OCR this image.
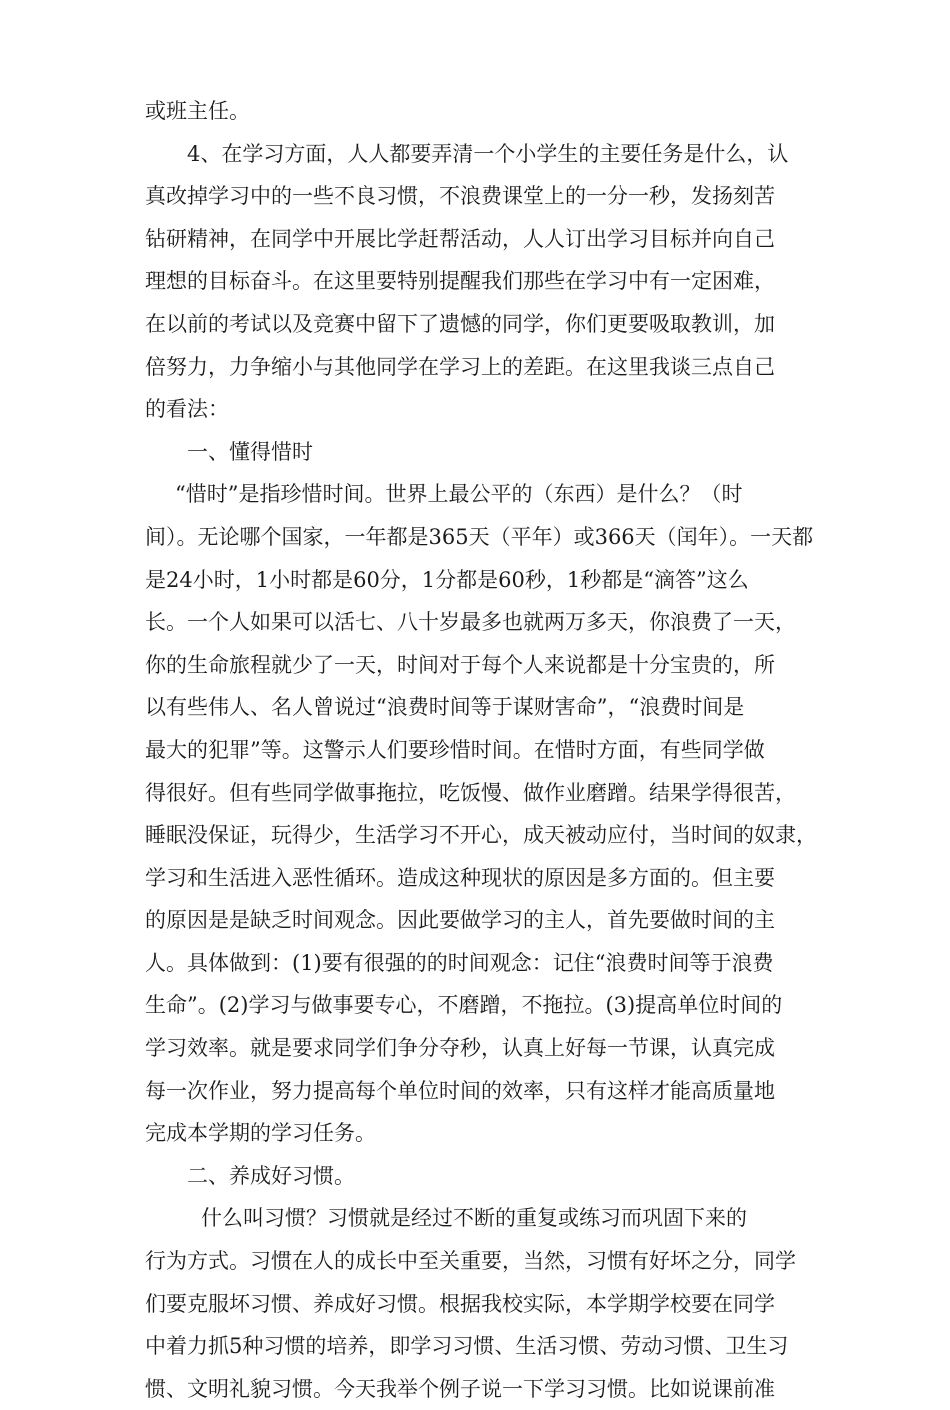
或班主任。
4、在学习方面，人人都要弄清一个小学生的主要任务是什么，认
真改掉学习中的一些不良习惯，不浪费课堂上的一分一秒，发扬刻苦
钻研精神，在同学中开展比学赶帮活动，人人订出学习目标并向自己
理想的目标奋斗。在这里要特别提醒我们那些在学习中有一定困难，
在以前的考试以及竞赛中留下了遗憾的同学，你们更要吸取教训，加
倍努力，力争缩小与其他同学在学习上的差距。在这里我谈三点自己
的看法：
一、懂得惜时
“惜时”是指珍惜时间。世界上最公平的（东西）是什么？（时
间）。无论哪个国家，一年都是365天（平年）或366天（闰年）。一天都
是24小时，1小时都是60分，1分都是60秒，1秒都是“滴答”这么
长。一个人如果可以活七、八十岁最多也就两万多天，你浪费了一天，
你的生命旅程就少了一天，时间对于每个人来说都是十分宝贵的，所
以有些伟人、名人曾说过“浪费时间等于谋财害命”，“浪费时间是
最大的犯罪”等。这警示人们要珍惜时间。在惜时方面，有些同学做
得很好。但有些同学做事拖拉，吃饭慢、做作业磨蹭。结果学得很苦，
睡眠没保证，玩得少，生活学习不开心，成天被动应付，当时间的奴隶，
学习和生活进入恶性循环。造成这种现状的原因是多方面的。但主要
的原因是是缺乏时间观念。因此要做学习的主人，首先要做时间的主
人。具体做到：(1)要有很强的的时间观念：记住“浪费时间等于浪费
生命”。(2)学习与做事要专心，不磨蹭，不拖拉。(3)提高单位时间的
学习效率。就是要求同学们争分夺秒，认真上好每一节课，认真完成
每一次作业，努力提高每个单位时间的效率，只有这样才能高质量地
完成本学期的学习任务。
二、养成好习惯。
什么叫习惯？习惯就是经过不断的重复或练习而巩固下来的
行为方式。习惯在人的成长中至关重要，当然，习惯有好坏之分，同学
们要克服坏习惯、养成好习惯。根据我校实际，本学期学校要在同学
中着力抓5种习惯的培养，即学习习惯、生活习惯、劳动习惯、卫生习
惯、文明礼貌习惯。今天我举个例子说一下学习习惯。比如说课前准
